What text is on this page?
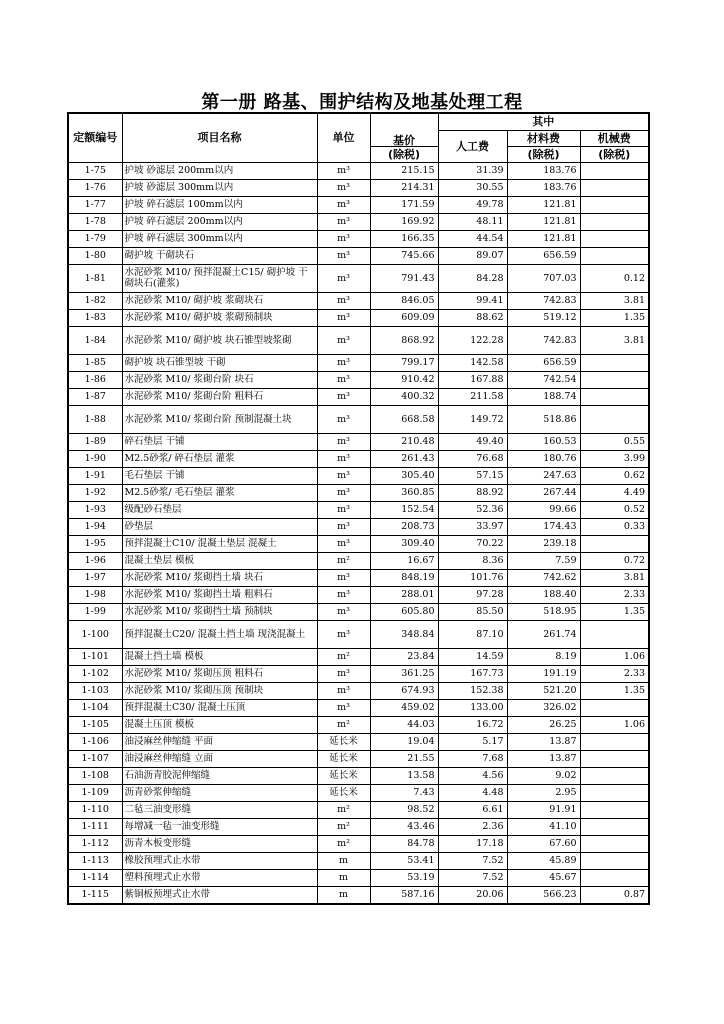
第一册 路基、围护结构及地基处理工程
定额编号	项目名称	单位	基价	其中		
				人工费	材料费	机械费
			(除税)		(除税)	(除税)
1-75	护坡 砂滤层 200mm以内	m³	215.15	31.39	183.76	
1-76	护坡 砂滤层 300mm以内	m³	214.31	30.55	183.76	
1-77	护坡 碎石滤层 100mm以内	m³	171.59	49.78	121.81	
1-78	护坡 碎石滤层 200mm以内	m³	169.92	48.11	121.81	
1-79	护坡 碎石滤层 300mm以内	m³	166.35	44.54	121.81	
1-80	砌护坡 干砌块石	m³	745.66	89.07	656.59	
1-81	水泥砂浆 M10/ 预拌混凝土C15/ 砌护坡 干砌块石(灌浆)	m³	791.43	84.28	707.03	0.12
1-82	水泥砂浆 M10/ 砌护坡 浆砌块石	m³	846.05	99.41	742.83	3.81
1-83	水泥砂浆 M10/ 砌护坡 浆砌预制块	m³	609.09	88.62	519.12	1.35
1-84	水泥砂浆 M10/ 砌护坡 块石锥型坡浆砌	m³	868.92	122.28	742.83	3.81
1-85	砌护坡 块石锥型坡 干砌	m³	799.17	142.58	656.59	
1-86	水泥砂浆 M10/ 浆砌台阶 块石	m³	910.42	167.88	742.54	
1-87	水泥砂浆 M10/ 浆砌台阶 粗料石	m³	400.32	211.58	188.74	
1-88	水泥砂浆 M10/ 浆砌台阶 预制混凝土块	m³	668.58	149.72	518.86	
1-89	碎石垫层 干铺	m³	210.48	49.40	160.53	0.55
1-90	M2.5砂浆/ 碎石垫层 灌浆	m³	261.43	76.68	180.76	3.99
1-91	毛石垫层 干铺	m³	305.40	57.15	247.63	0.62
1-92	M2.5砂浆/ 毛石垫层 灌浆	m³	360.85	88.92	267.44	4.49
1-93	级配砂石垫层	m³	152.54	52.36	99.66	0.52
1-94	砂垫层	m³	208.73	33.97	174.43	0.33
1-95	预拌混凝土C10/ 混凝土垫层 混凝土	m³	309.40	70.22	239.18	
1-96	混凝土垫层 模板	m²	16.67	8.36	7.59	0.72
1-97	水泥砂浆 M10/ 浆砌挡土墙 块石	m³	848.19	101.76	742.62	3.81
1-98	水泥砂浆 M10/ 浆砌挡土墙 粗料石	m³	288.01	97.28	188.40	2.33
1-99	水泥砂浆 M10/ 浆砌挡土墙 预制块	m³	605.80	85.50	518.95	1.35
1-100	预拌混凝土C20/ 混凝土挡土墙 现浇混凝土	m³	348.84	87.10	261.74	
1-101	混凝土挡土墙 模板	m²	23.84	14.59	8.19	1.06
1-102	水泥砂浆 M10/ 浆砌压顶 粗料石	m³	361.25	167.73	191.19	2.33
1-103	水泥砂浆 M10/ 浆砌压顶 预制块	m³	674.93	152.38	521.20	1.35
1-104	预拌混凝土C30/ 混凝土压顶	m³	459.02	133.00	326.02	
1-105	混凝土压顶 模板	m²	44.03	16.72	26.25	1.06
1-106	油浸麻丝伸缩缝 平面	延长米	19.04	5.17	13.87	
1-107	油浸麻丝伸缩缝 立面	延长米	21.55	7.68	13.87	
1-108	石油沥青胶泥伸缩缝	延长米	13.58	4.56	9.02	
1-109	沥青砂浆伸缩缝	延长米	7.43	4.48	2.95	
1-110	二毡三油变形缝	m²	98.52	6.61	91.91	
1-111	每增减一毡一油变形缝	m²	43.46	2.36	41.10	
1-112	沥青木板变形缝	m²	84.78	17.18	67.60	
1-113	橡胶预埋式止水带	m	53.41	7.52	45.89	
1-114	塑料预埋式止水带	m	53.19	7.52	45.67	
1-115	紫铜板预埋式止水带	m	587.16	20.06	566.23	0.87
